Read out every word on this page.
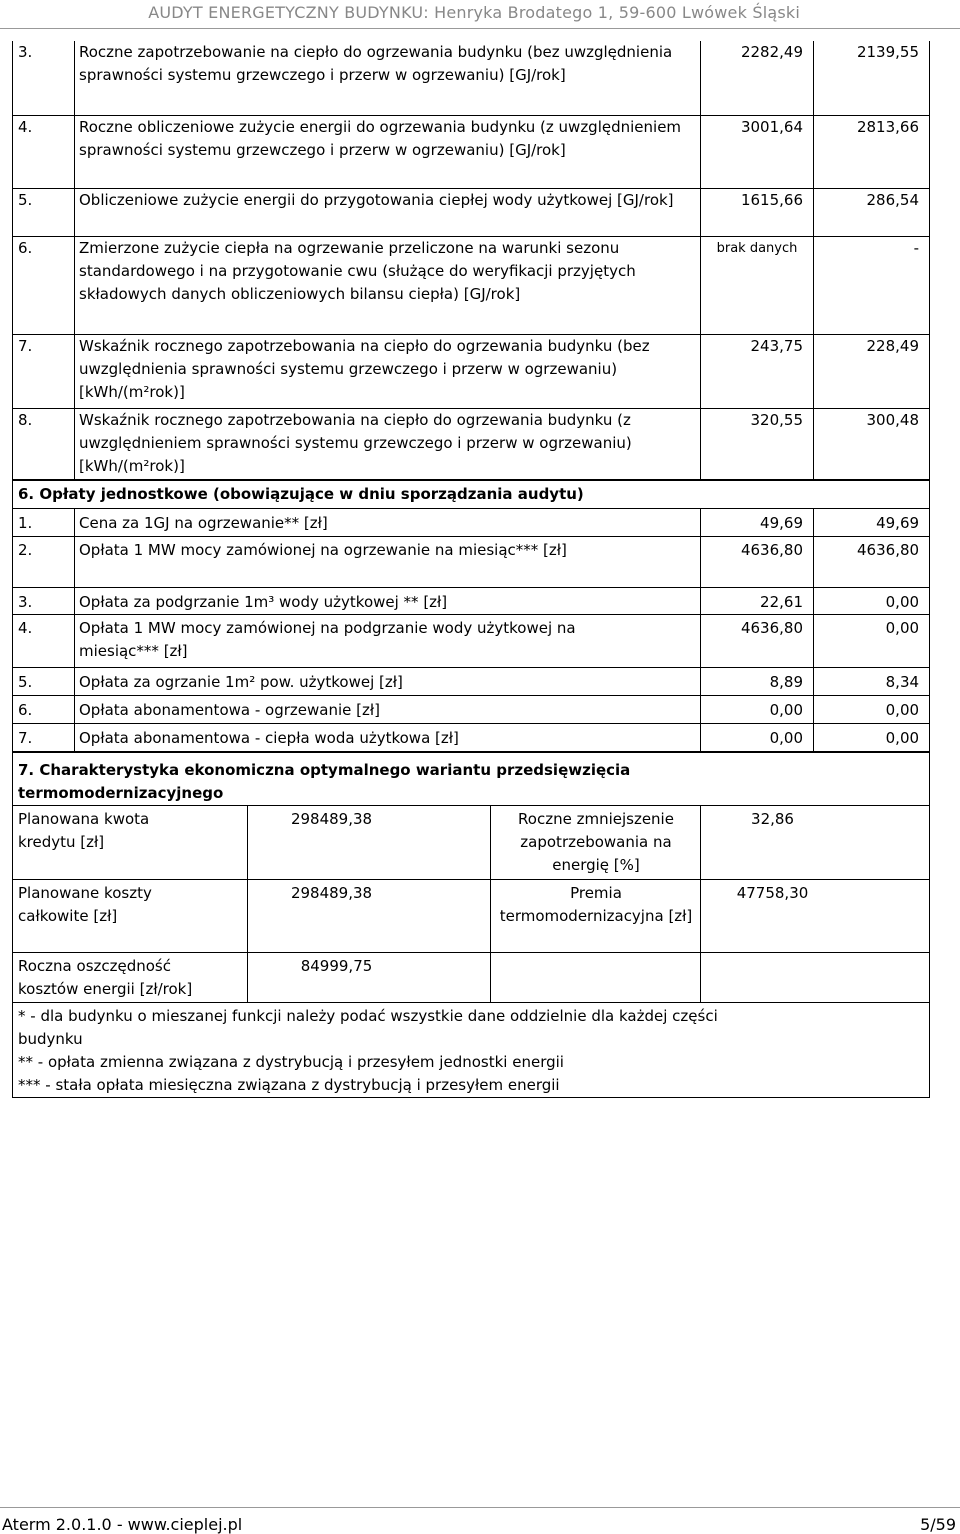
AUDYT ENERGETYCZNY BUDYNKU: Henryka Brodatego 1, 59-600 Lwówek Śląski
3.	Roczne zapotrzebowanie na ciepło do ogrzewania budynku (bez uwzględnienia sprawności systemu grzewczego i przerw w ogrzewaniu) [GJ/rok]	2282,49	2139,55
4.	Roczne obliczeniowe zużycie energii do ogrzewania budynku (z uwzględnieniem sprawności systemu grzewczego i przerw w ogrzewaniu) [GJ/rok]	3001,64	2813,66
5.	Obliczeniowe zużycie energii do przygotowania ciepłej wody użytkowej [GJ/rok]	1615,66	286,54
6.	Zmierzone zużycie ciepła na ogrzewanie przeliczone na warunki sezonu standardowego i na przygotowanie cwu (służące do weryfikacji przyjętych składowych danych obliczeniowych bilansu ciepła) [GJ/rok]	brak danych	-
7.	Wskaźnik rocznego zapotrzebowania na ciepło do ogrzewania budynku (bez uwzględnienia sprawności systemu grzewczego i przerw w ogrzewaniu) [kWh/(m²rok)]	243,75	228,49
8.	Wskaźnik rocznego zapotrzebowania na ciepło do ogrzewania budynku (z uwzględnieniem sprawności systemu grzewczego i przerw w ogrzewaniu) [kWh/(m²rok)]	320,55	300,48
6. Opłaty jednostkowe (obowiązujące w dniu sporządzania audytu)			
1.	Cena za 1GJ na ogrzewanie** [zł]	49,69	49,69
2.	Opłata 1 MW mocy zamówionej na ogrzewanie na miesiąc*** [zł]	4636,80	4636,80
3.	Opłata za podgrzanie 1m³ wody użytkowej ** [zł]	22,61	0,00
4.	Opłata 1 MW mocy zamówionej na podgrzanie wody użytkowej na miesiąc*** [zł]	4636,80	0,00
5.	Opłata za ogrzanie 1m² pow. użytkowej [zł]	8,89	8,34
6.	Opłata abonamentowa - ogrzewanie [zł]	0,00	0,00
7.	Opłata abonamentowa - ciepła woda użytkowa [zł]	0,00	0,00
7. Charakterystyka ekonomiczna optymalnego wariantu przedsięwzięcia termomodernizacyjnego			
Planowana kwota kredytu [zł]	298489,38	Roczne zmniejszenie zapotrzebowania na energię [%]	32,86
Planowane koszty całkowite [zł]	298489,38	Premia termomodernizacyjna [zł]	47758,30
Roczna oszczędność kosztów energii [zł/rok]	84999,75		

* - dla budynku o mieszanej funkcji należy podać wszystkie dane oddzielnie dla każdej części budynku
** - opłata zmienna związana z dystrybucją i przesyłem jednostki energii
*** - stała opłata miesięczna związana z dystrybucją i przesyłem energii			
Aterm 2.0.1.0 - www.cieplej.pl	5/59
